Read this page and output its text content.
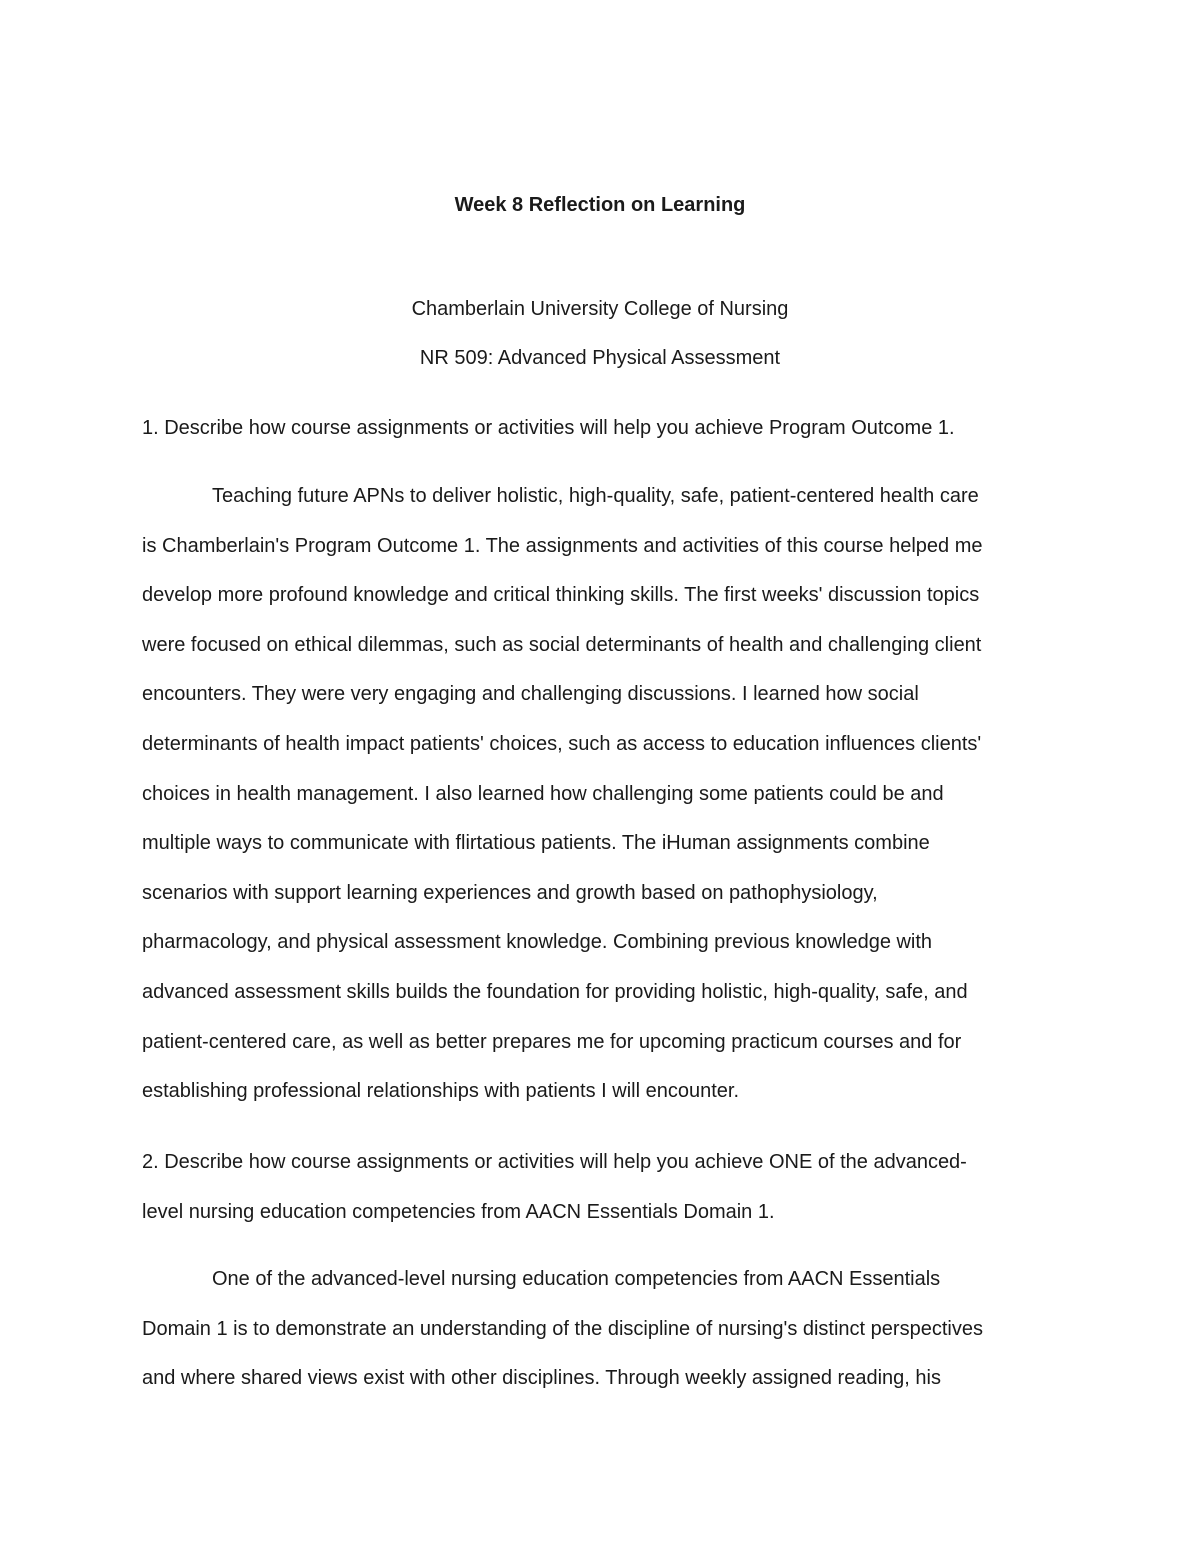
Week 8 Reflection on Learning

Chamberlain University College of Nursing

NR 509: Advanced Physical Assessment

1. Describe how course assignments or activities will help you achieve Program Outcome 1.
Teaching future APNs to deliver holistic, high-quality, safe, patient-centered health care
is Chamberlain's Program Outcome 1. The assignments and activities of this course helped me
develop more profound knowledge and critical thinking skills. The first weeks' discussion topics
were focused on ethical dilemmas, such as social determinants of health and challenging client
encounters. They were very engaging and challenging discussions. I learned how social
determinants of health impact patients' choices, such as access to education influences clients'
choices in health management. I also learned how challenging some patients could be and
multiple ways to communicate with flirtatious patients. The iHuman assignments combine
scenarios with support learning experiences and growth based on pathophysiology,
pharmacology, and physical assessment knowledge. Combining previous knowledge with
advanced assessment skills builds the foundation for providing holistic, high-quality, safe, and
patient-centered care, as well as better prepares me for upcoming practicum courses and for
establishing professional relationships with patients I will encounter.
2. Describe how course assignments or activities will help you achieve ONE of the advanced-
level nursing education competencies from AACN Essentials Domain 1.
One of the advanced-level nursing education competencies from AACN Essentials
Domain 1 is to demonstrate an understanding of the discipline of nursing's distinct perspectives
and where shared views exist with other disciplines. Through weekly assigned reading, his
